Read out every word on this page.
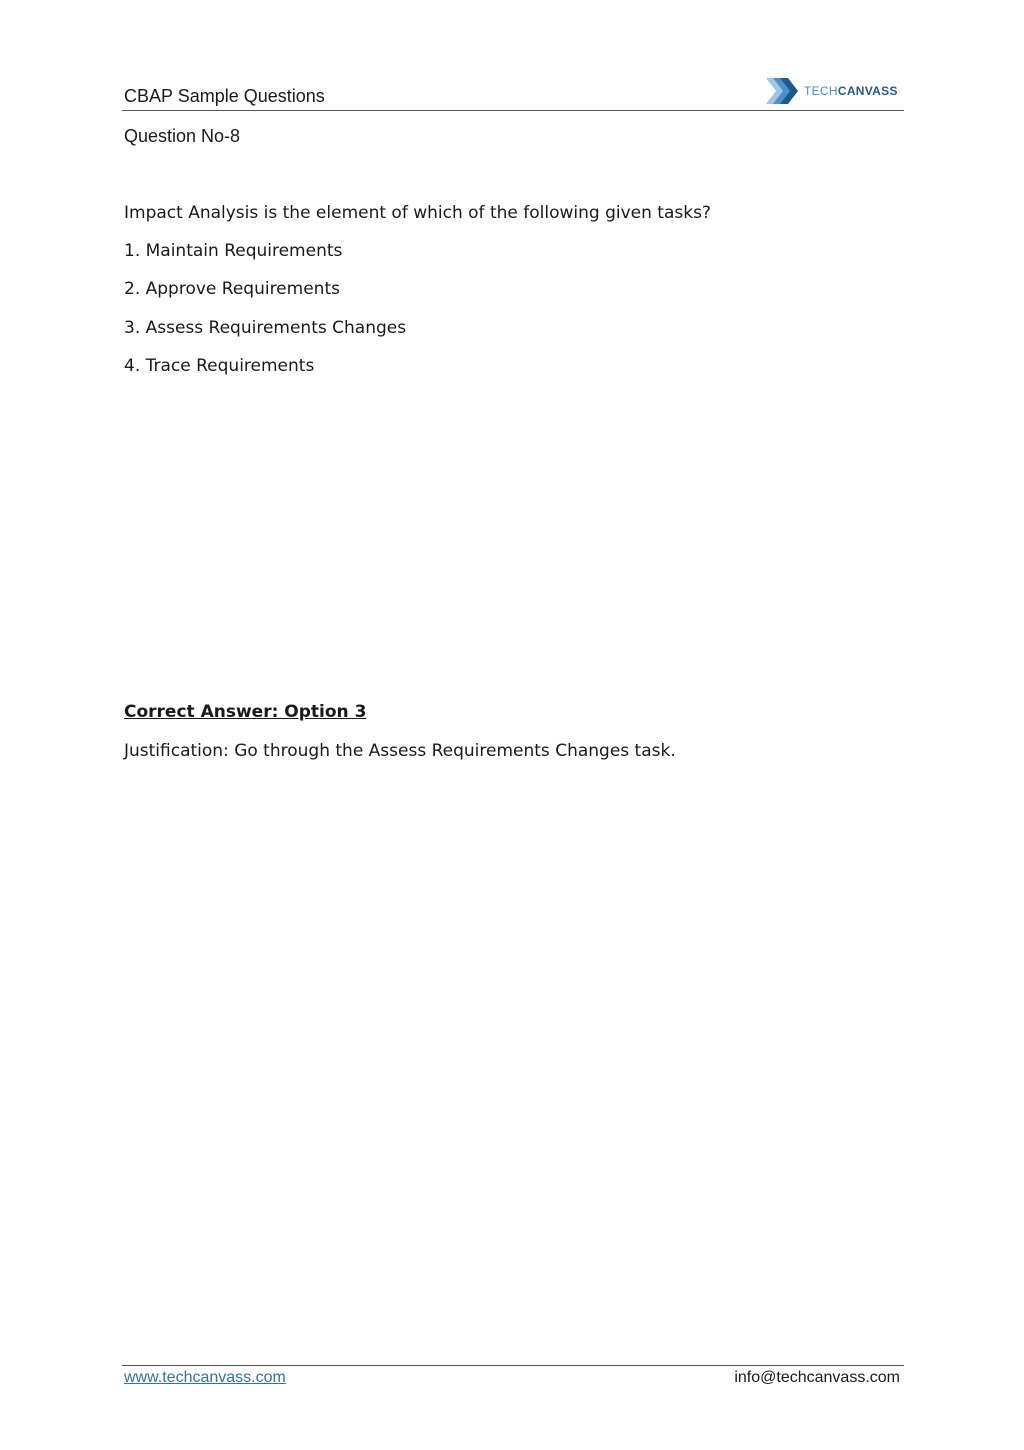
CBAP Sample Questions	TECHCANVASS
Question No-8
Impact Analysis is the element of which of the following given tasks?
1. Maintain Requirements
2. Approve Requirements
3. Assess Requirements Changes
4. Trace Requirements
Correct Answer: Option 3
Justification: Go through the Assess Requirements Changes task.
www.techcanvass.com	info@techcanvass.com
